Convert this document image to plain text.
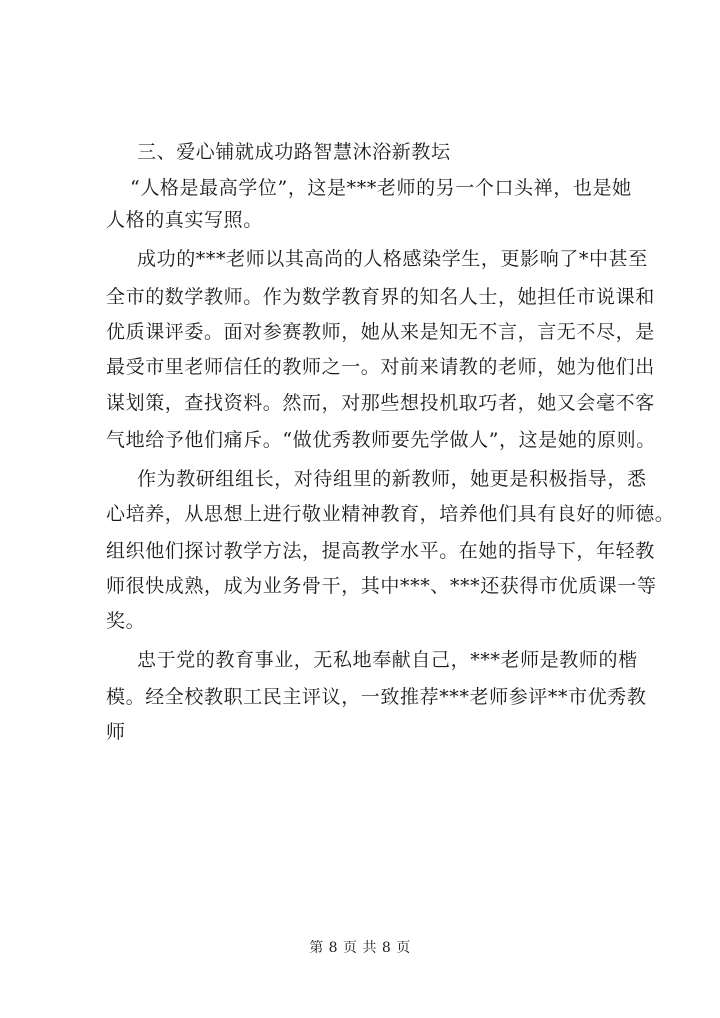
三、爱心铺就成功路智慧沐浴新教坛
“人格是最高学位”，这是***老师的另一个口头禅，也是她
人格的真实写照。
成功的***老师以其高尚的人格感染学生，更影响了*中甚至
全市的数学教师。作为数学教育界的知名人士，她担任市说课和
优质课评委。面对参赛教师，她从来是知无不言，言无不尽，是
最受市里老师信任的教师之一。对前来请教的老师，她为他们出
谋划策，查找资料。然而，对那些想投机取巧者，她又会毫不客
气地给予他们痛斥。“做优秀教师要先学做人”，这是她的原则。
作为教研组组长，对待组里的新教师，她更是积极指导，悉
心培养，从思想上进行敬业精神教育，培养他们具有良好的师德。
组织他们探讨教学方法，提高教学水平。在她的指导下，年轻教
师很快成熟，成为业务骨干，其中***、***还获得市优质课一等
奖。
忠于党的教育事业，无私地奉献自己，***老师是教师的楷
模。经全校教职工民主评议，一致推荐***老师参评**市优秀教
师
第 8 页 共 8 页
